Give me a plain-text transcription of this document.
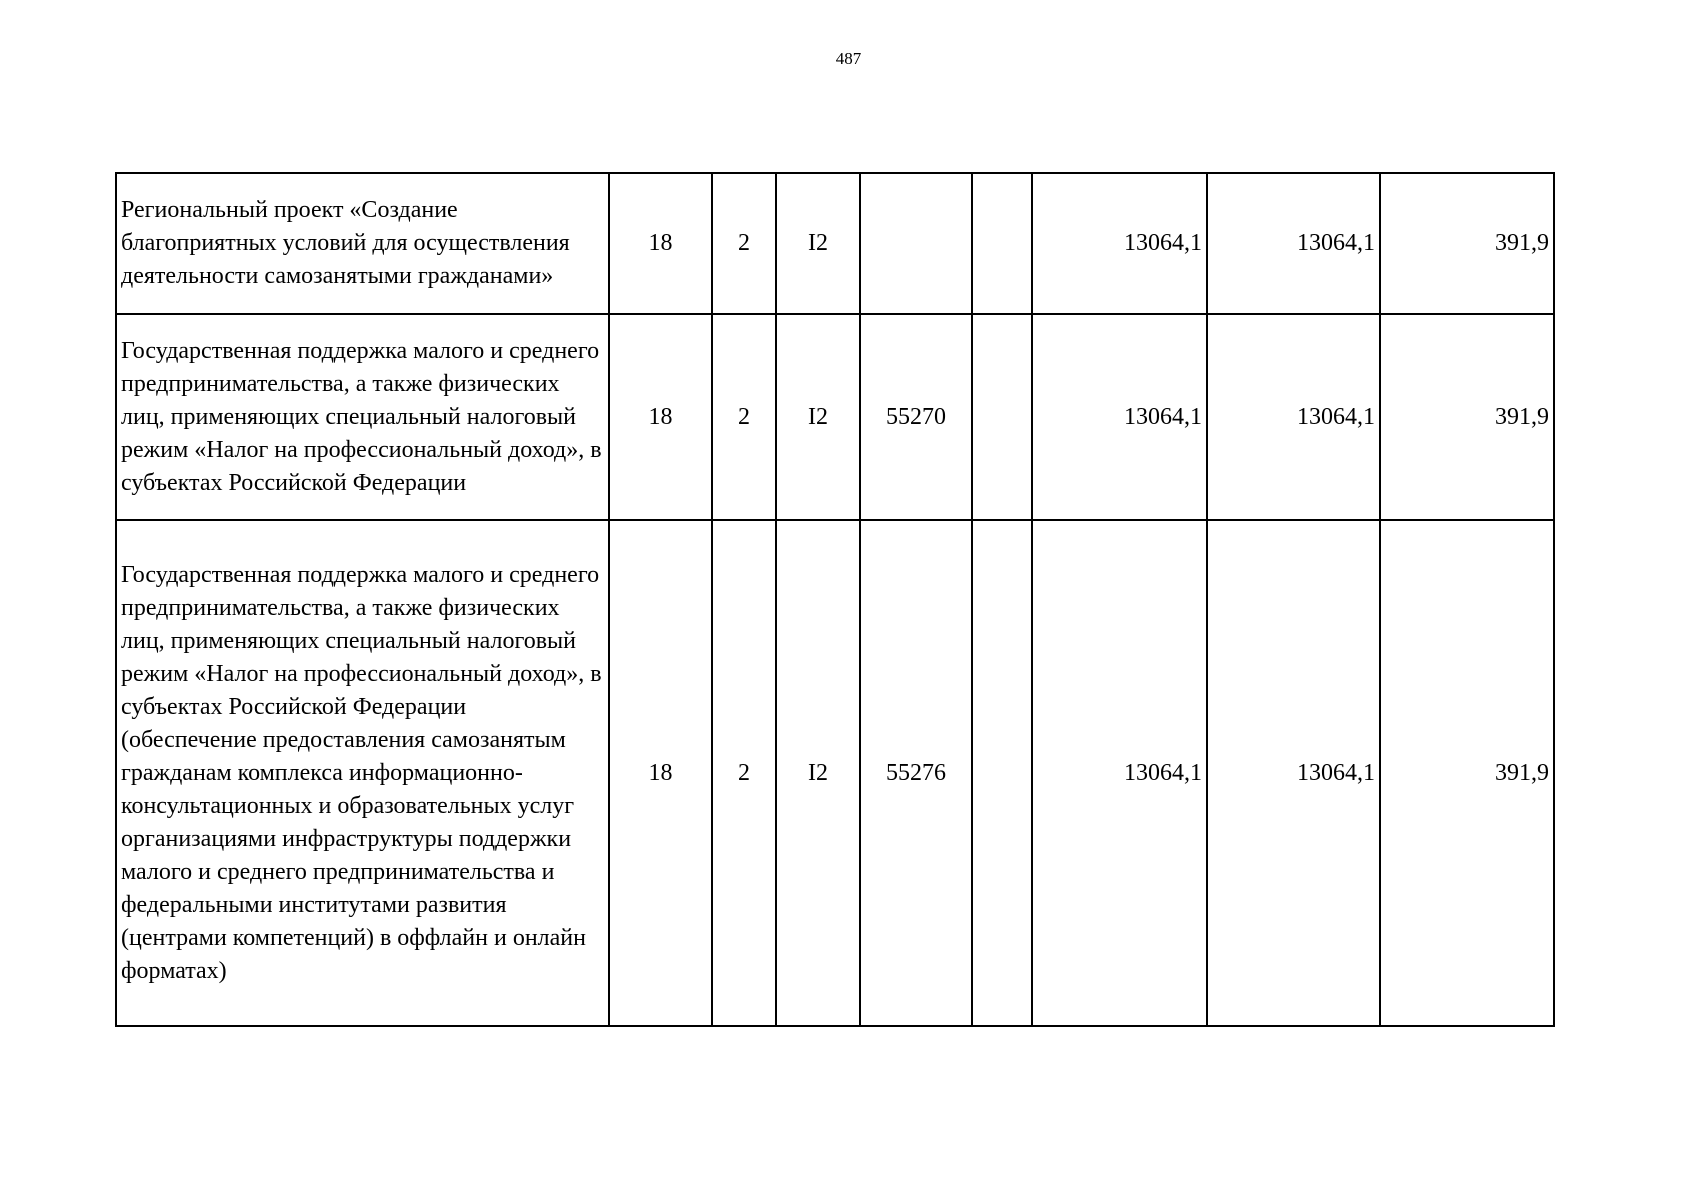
487
Региональный проект «Создание благоприятных условий для осуществления деятельности самозанятыми гражданами»	18	2	I2			13064,1	13064,1	391,9
Государственная поддержка малого и среднего предпринимательства, а также физических лиц, применяющих специальный налоговый режим «Налог на профессиональный доход», в субъектах Российской Федерации	18	2	I2	55270		13064,1	13064,1	391,9
Государственная поддержка малого и среднего предпринимательства, а также физических лиц, применяющих специальный налоговый режим «Налог на профессиональный доход», в субъектах Российской Федерации (обеспечение предоставления самозанятым гражданам комплекса информационно-консультационных и образовательных услуг организациями инфраструктуры поддержки малого и среднего предпринимательства и федеральными институтами развития (центрами компетенций) в оффлайн и онлайн форматах)	18	2	I2	55276		13064,1	13064,1	391,9
